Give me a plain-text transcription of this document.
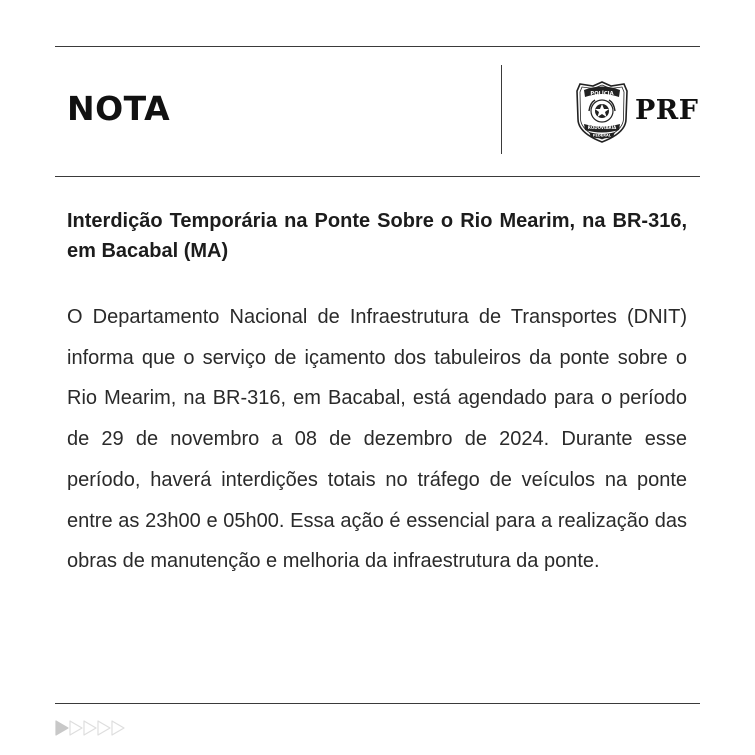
NOTA	POLÍCIA
RODOVIÁRIA
FEDERAL
PRF
Interdição Temporária na Ponte Sobre o Rio Mearim, na BR-316, em Bacabal (MA)

O Departamento Nacional de Infraestrutura de Transportes (DNIT) informa que o serviço de içamento dos tabuleiros da ponte sobre o Rio Mearim, na BR-316, em Bacabal, está agendado para o período de 29 de novembro a 08 de dezembro de 2024. Durante esse período, haverá interdições totais no tráfego de veículos na ponte entre as 23h00 e 05h00. Essa ação é essencial para a realização das obras de manutenção e melhoria da infraestrutura da ponte.
